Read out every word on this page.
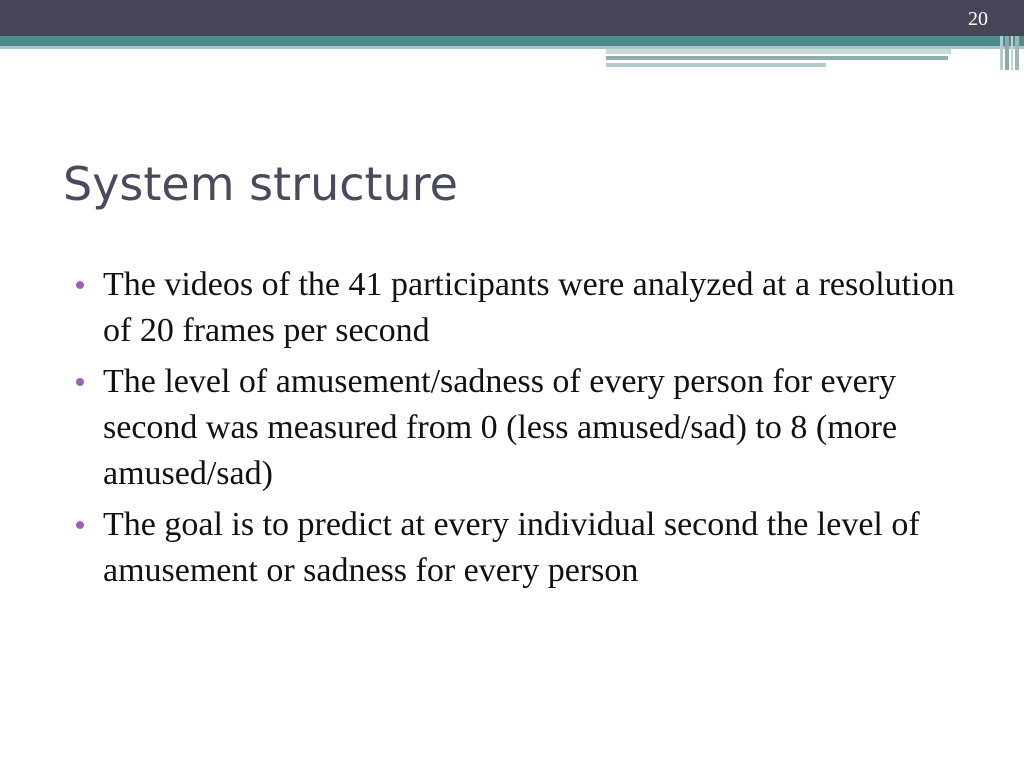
20
System structure
The videos of the 41 participants were analyzed at a resolution of 20 frames per second
The level of amusement/sadness of every person for every second was measured from 0 (less amused/sad) to 8 (more amused/sad)
The goal is to predict at every individual second the level of amusement or sadness for every person
